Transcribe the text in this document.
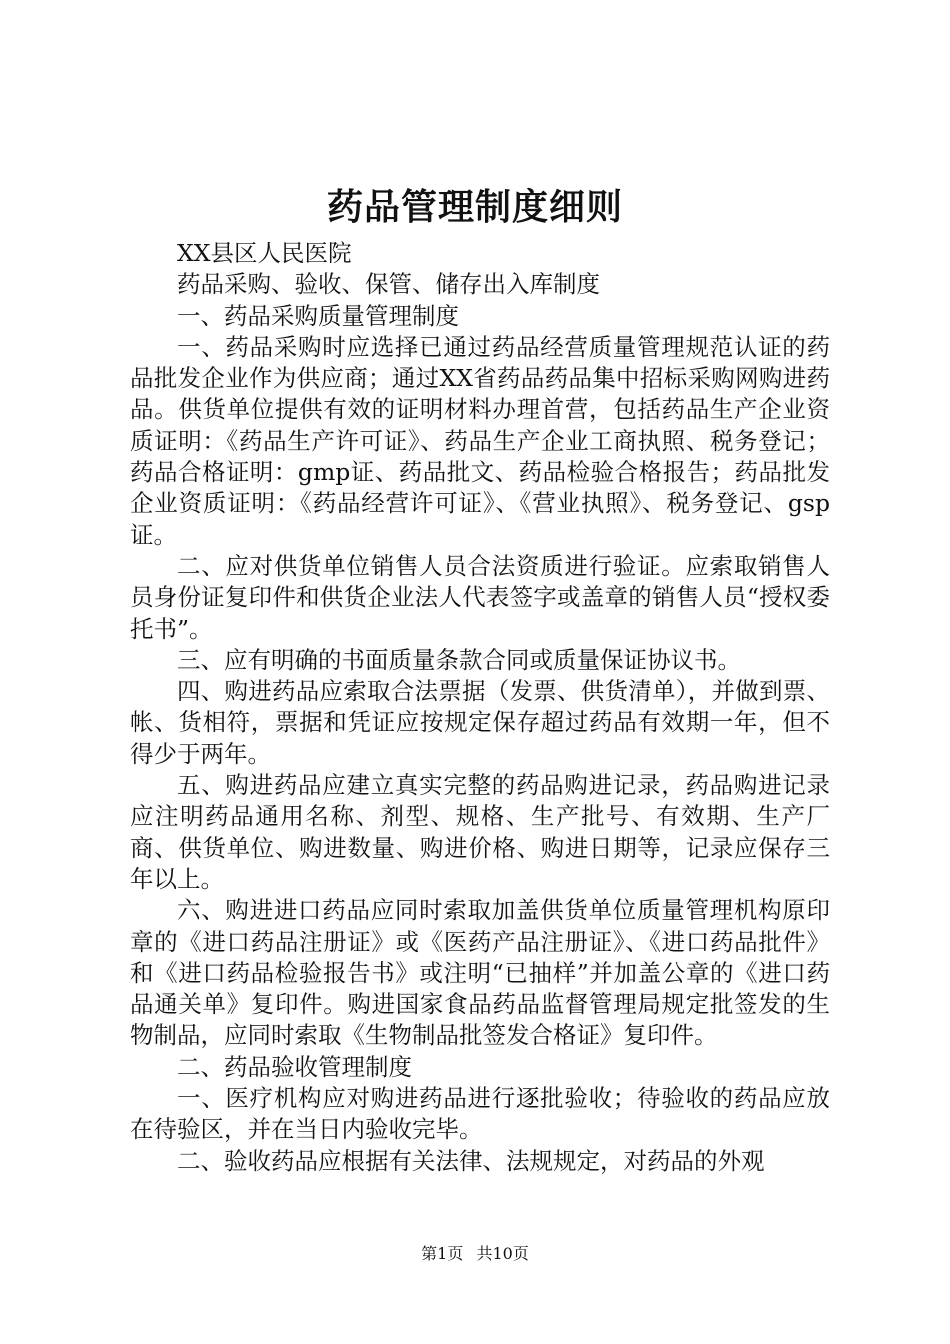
药品管理制度细则

XX县区人民医院

药品采购、验收、保管、储存出入库制度

一、药品采购质量管理制度

一、药品采购时应选择已通过药品经营质量管理规范认证的药品批发企业作为供应商；通过XX省药品药品集中招标采购网购进药品。供货单位提供有效的证明材料办理首营，包括药品生产企业资质证明：《药品生产许可证》、药品生产企业工商执照、税务登记；药品合格证明：gmp证、药品批文、药品检验合格报告；药品批发企业资质证明：《药品经营许可证》、《营业执照》、税务登记、gsp证。

二、应对供货单位销售人员合法资质进行验证。应索取销售人员身份证复印件和供货企业法人代表签字或盖章的销售人员“授权委托书”。

三、应有明确的书面质量条款合同或质量保证协议书。

四、购进药品应索取合法票据（发票、供货清单），并做到票、帐、货相符，票据和凭证应按规定保存超过药品有效期一年，但不得少于两年。

五、购进药品应建立真实完整的药品购进记录，药品购进记录应注明药品通用名称、剂型、规格、生产批号、有效期、生产厂商、供货单位、购进数量、购进价格、购进日期等，记录应保存三年以上。

六、购进进口药品应同时索取加盖供货单位质量管理机构原印章的《进口药品注册证》或《医药产品注册证》、《进口药品批件》和《进口药品检验报告书》或注明“已抽样”并加盖公章的《进口药品通关单》复印件。购进国家食品药品监督管理局规定批签发的生物制品，应同时索取《生物制品批签发合格证》复印件。

二、药品验收管理制度

一、医疗机构应对购进药品进行逐批验收；待验收的药品应放在待验区，并在当日内验收完毕。

二、验收药品应根据有关法律、法规规定，对药品的外观

第1页 共10页
